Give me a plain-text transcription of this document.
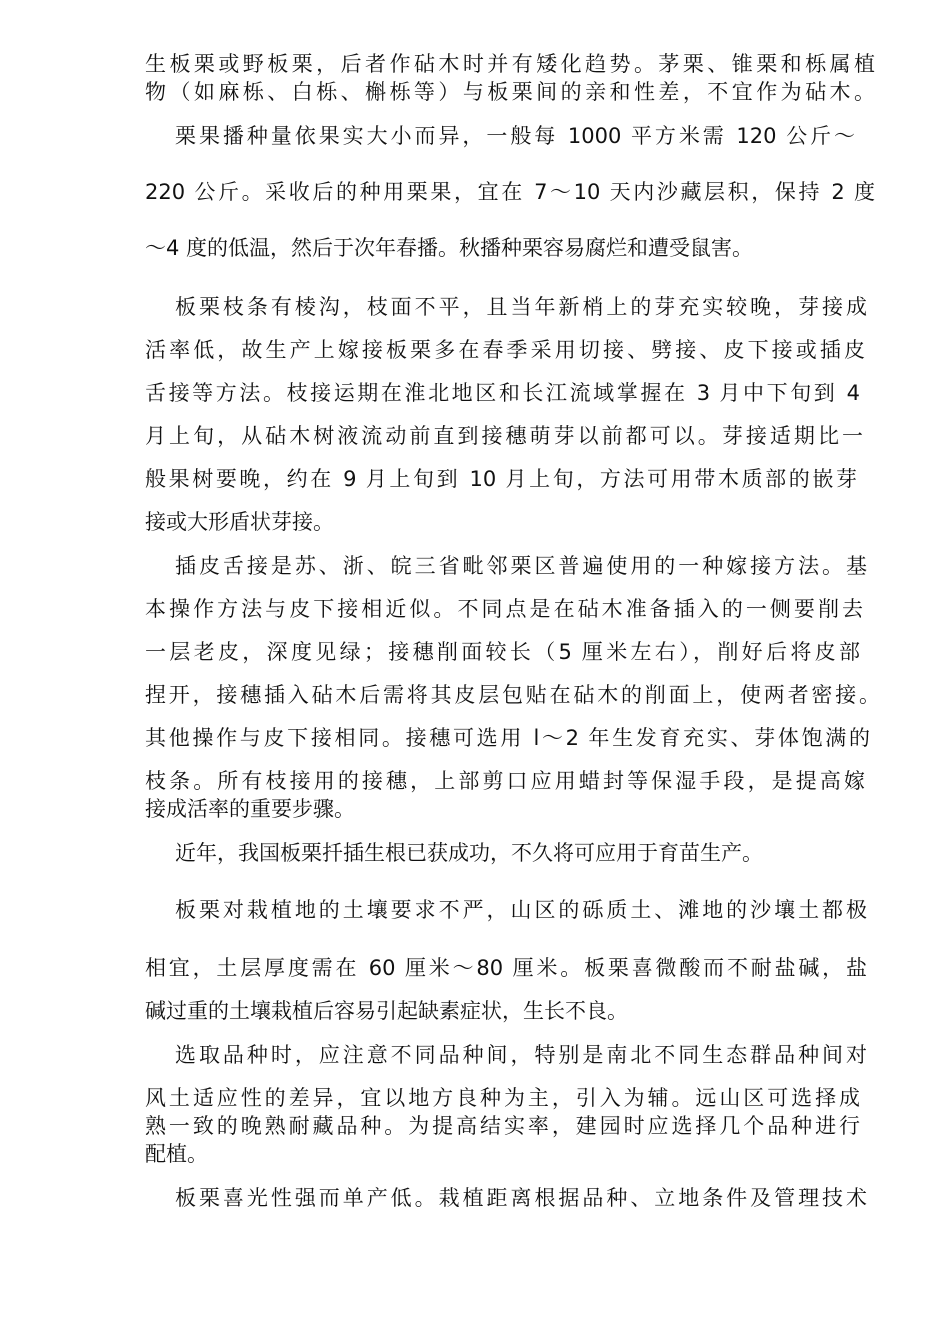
生板栗或野板栗，后者作砧木时并有矮化趋势。茅栗、锥栗和栎属植
物（如麻栎、白栎、槲栎等）与板栗间的亲和性差，不宜作为砧木。
栗果播种量依果实大小而异，一般每 1000 平方米需 120 公斤～
220 公斤。采收后的种用栗果，宜在 7～10 天内沙藏层积，保持 2 度
～4 度的低温，然后于次年春播。秋播种栗容易腐烂和遭受鼠害。
板栗枝条有棱沟，枝面不平，且当年新梢上的芽充实较晚，芽接成
活率低，故生产上嫁接板栗多在春季采用切接、劈接、皮下接或插皮
舌接等方法。枝接运期在淮北地区和长江流域掌握在 3 月中下旬到 4
月上旬，从砧木树液流动前直到接穗萌芽以前都可以。芽接适期比一
般果树要晚，约在 9 月上旬到 10 月上旬，方法可用带木质部的嵌芽
接或大形盾状芽接。
插皮舌接是苏、浙、皖三省毗邻栗区普遍使用的一种嫁接方法。基
本操作方法与皮下接相近似。不同点是在砧木准备插入的一侧要削去
一层老皮，深度见绿；接穗削面较长（5 厘米左右），削好后将皮部
捏开，接穗插入砧木后需将其皮层包贴在砧木的削面上，使两者密接。
其他操作与皮下接相同。接穗可选用 l～2 年生发育充实、芽体饱满的
枝条。所有枝接用的接穗，上部剪口应用蜡封等保湿手段，是提高嫁
接成活率的重要步骤。
近年，我国板栗扦插生根已获成功，不久将可应用于育苗生产。
板栗对栽植地的土壤要求不严，山区的砾质土、滩地的沙壤土都极
相宜，土层厚度需在 60 厘米～80 厘米。板栗喜微酸而不耐盐碱，盐
碱过重的土壤栽植后容易引起缺素症状，生长不良。
选取品种时，应注意不同品种间，特别是南北不同生态群品种间对
风土适应性的差异，宜以地方良种为主，引入为辅。远山区可选择成
熟一致的晚熟耐藏品种。为提高结实率，建园时应选择几个品种进行
配植。
板栗喜光性强而单产低。栽植距离根据品种、立地条件及管理技术
